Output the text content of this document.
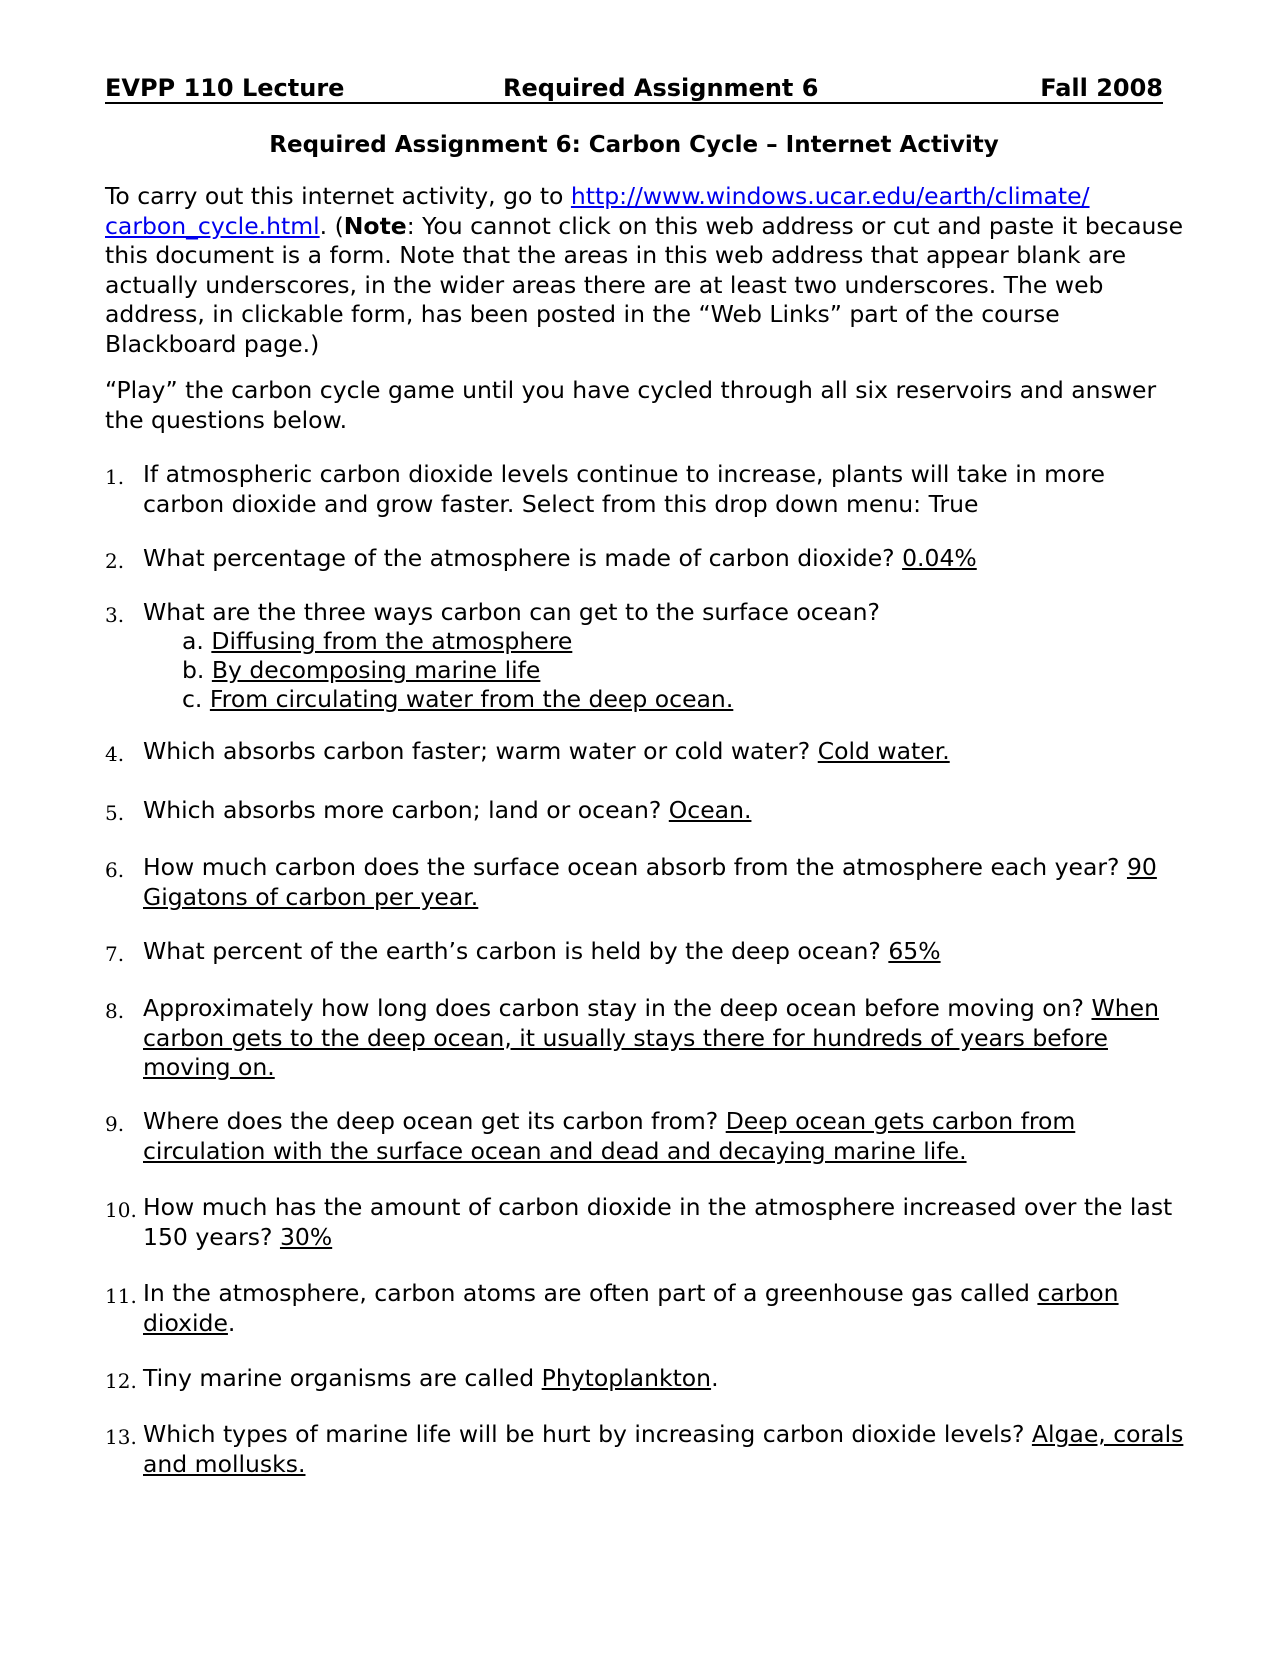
EVPP 110 Lecture	Required Assignment 6	Fall 2008
Required Assignment 6: Carbon Cycle – Internet Activity
To carry out this internet activity, go to http://www.windows.ucar.edu/earth/climate/
carbon_cycle.html. (Note: You cannot click on this web address or cut and paste it because this document is a form. Note that the areas in this web address that appear blank are actually underscores, in the wider areas there are at least two underscores. The web address, in clickable form, has been posted in the “Web Links” part of the course Blackboard page.)
“Play” the carbon cycle game until you have cycled through all six reservoirs and answer the questions below.
1. If atmospheric carbon dioxide levels continue to increase, plants will take in more carbon dioxide and grow faster. Select from this drop down menu: True
2. What percentage of the atmosphere is made of carbon dioxide? 0.04%
3. What are the three ways carbon can get to the surface ocean?
a. Diffusing from the atmosphere
b. By decomposing marine life
c. From circulating water from the deep ocean.
4. Which absorbs carbon faster; warm water or cold water? Cold water.
5. Which absorbs more carbon; land or ocean? Ocean.
6. How much carbon does the surface ocean absorb from the atmosphere each year? 90 Gigatons of carbon per year.
7. What percent of the earth’s carbon is held by the deep ocean? 65%
8. Approximately how long does carbon stay in the deep ocean before moving on? When carbon gets to the deep ocean, it usually stays there for hundreds of years before moving on.
9. Where does the deep ocean get its carbon from? Deep ocean gets carbon from circulation with the surface ocean and dead and decaying marine life.
10. How much has the amount of carbon dioxide in the atmosphere increased over the last 150 years? 30%
11. In the atmosphere, carbon atoms are often part of a greenhouse gas called carbon dioxide.
12. Tiny marine organisms are called Phytoplankton.
13. Which types of marine life will be hurt by increasing carbon dioxide levels? Algae, corals and mollusks.
